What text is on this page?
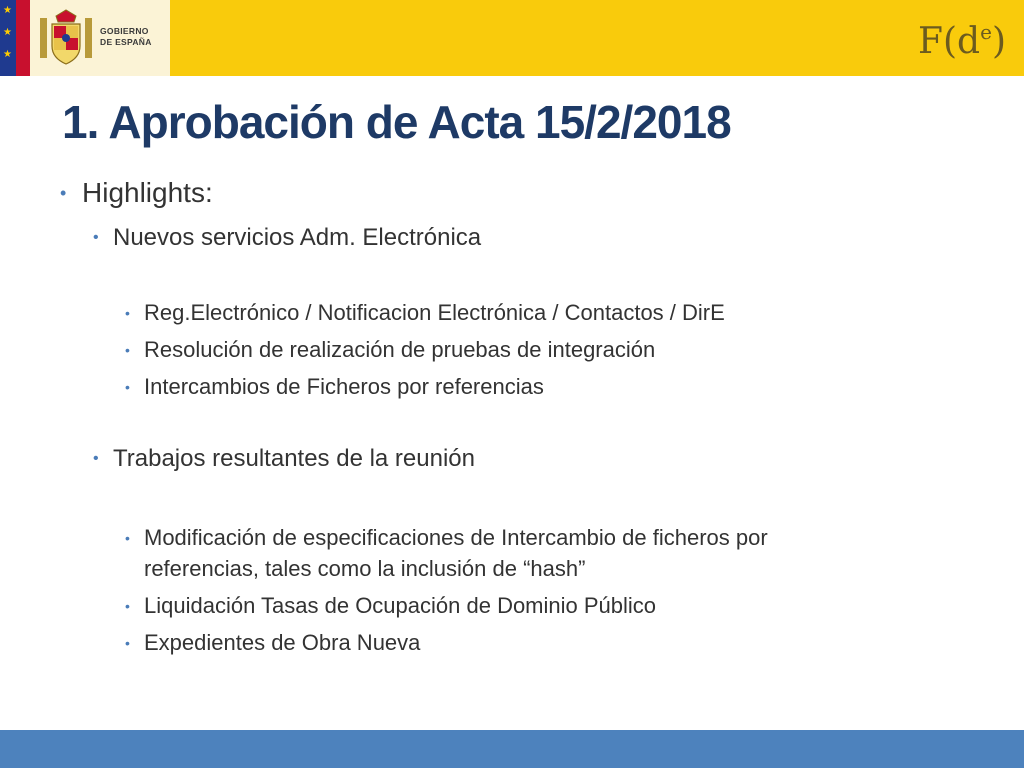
★
★
★
GOBIERNO
DE ESPAÑA	$F(d^e)$
1. Aprobación de Acta 15/2/2018
• Highlights:
• Nuevos servicios Adm. Electrónica
• Reg.Electrónico / Notificacion Electrónica / Contactos / DirE
• Resolución de realización de pruebas de integración
• Intercambios de Ficheros por referencias
• Trabajos resultantes de la reunión
• Modificación de especificaciones de Intercambio de ficheros por
referencias, tales como la inclusión de “hash”
• Liquidación Tasas de Ocupación de Dominio Público
• Expedientes de Obra Nueva
